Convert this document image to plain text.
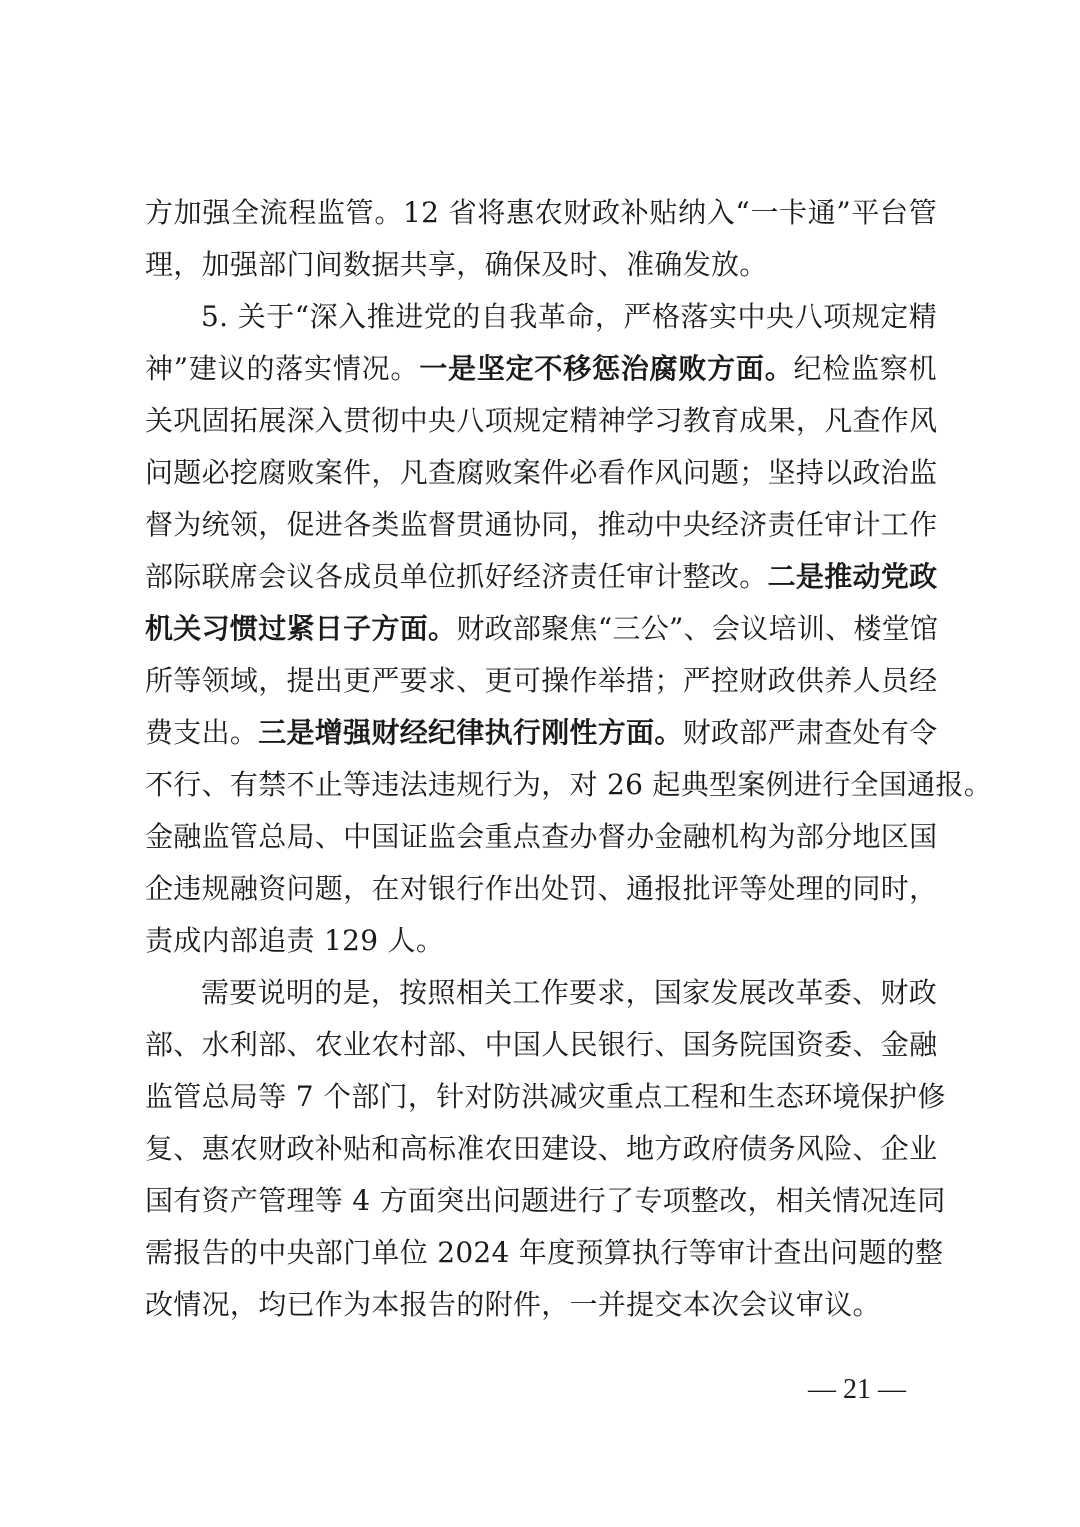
方加强全流程监管。12 省将惠农财政补贴纳入“一卡通”平台管
理，加强部门间数据共享，确保及时、准确发放。
5. 关于“深入推进党的自我革命，严格落实中央八项规定精
神”建议的落实情况。一是坚定不移惩治腐败方面。纪检监察机
关巩固拓展深入贯彻中央八项规定精神学习教育成果，凡查作风
问题必挖腐败案件，凡查腐败案件必看作风问题；坚持以政治监
督为统领，促进各类监督贯通协同，推动中央经济责任审计工作
部际联席会议各成员单位抓好经济责任审计整改。二是推动党政
机关习惯过紧日子方面。财政部聚焦“三公”、会议培训、楼堂馆
所等领域，提出更严要求、更可操作举措；严控财政供养人员经
费支出。三是增强财经纪律执行刚性方面。财政部严肃查处有令
不行、有禁不止等违法违规行为，对 26 起典型案例进行全国通报。
金融监管总局、中国证监会重点查办督办金融机构为部分地区国
企违规融资问题，在对银行作出处罚、通报批评等处理的同时，
责成内部追责 129 人。
需要说明的是，按照相关工作要求，国家发展改革委、财政
部、水利部、农业农村部、中国人民银行、国务院国资委、金融
监管总局等 7 个部门，针对防洪减灾重点工程和生态环境保护修
复、惠农财政补贴和高标准农田建设、地方政府债务风险、企业
国有资产管理等 4 方面突出问题进行了专项整改，相关情况连同
需报告的中央部门单位 2024 年度预算执行等审计查出问题的整
改情况，均已作为本报告的附件，一并提交本次会议审议。
— 21 —
